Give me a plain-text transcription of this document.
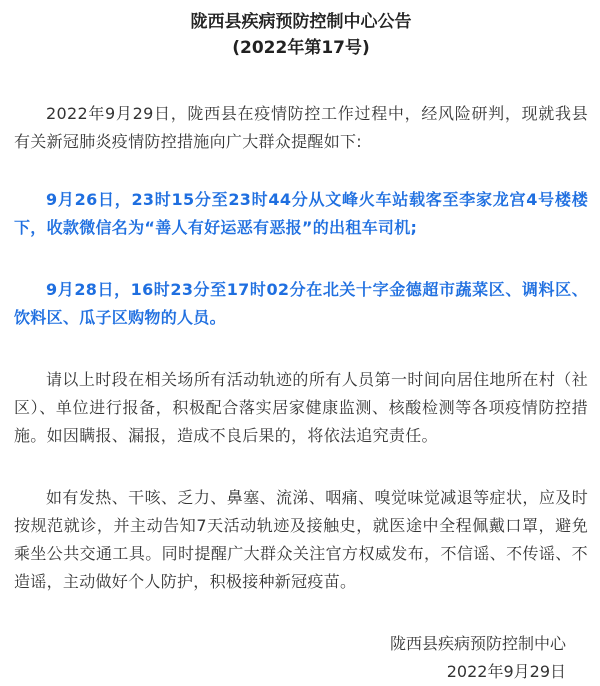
陇西县疾病预防控制中心公告
(2022年第17号)

2022年9月29日，陇西县在疫情防控工作过程中，经风险研判，现就我县有关新冠肺炎疫情防控措施向广大群众提醒如下:

9月26日，23时15分至23时44分从文峰火车站载客至李家龙宫4号楼楼下，收款微信名为“善人有好运恶有恶报”的出租车司机;

9月28日，16时23分至17时02分在北关十字金德超市蔬菜区、调料区、饮料区、瓜子区购物的人员。

请以上时段在相关场所有活动轨迹的所有人员第一时间向居住地所在村（社区）、单位进行报备，积极配合落实居家健康监测、核酸检测等各项疫情防控措施。如因瞒报、漏报，造成不良后果的，将依法追究责任。

如有发热、干咳、乏力、鼻塞、流涕、咽痛、嗅觉味觉减退等症状，应及时按规范就诊，并主动告知7天活动轨迹及接触史，就医途中全程佩戴口罩，避免乘坐公共交通工具。同时提醒广大群众关注官方权威发布，不信谣、不传谣、不造谣，主动做好个人防护，积极接种新冠疫苗。

陇西县疾病预防控制中心
2022年9月29日
